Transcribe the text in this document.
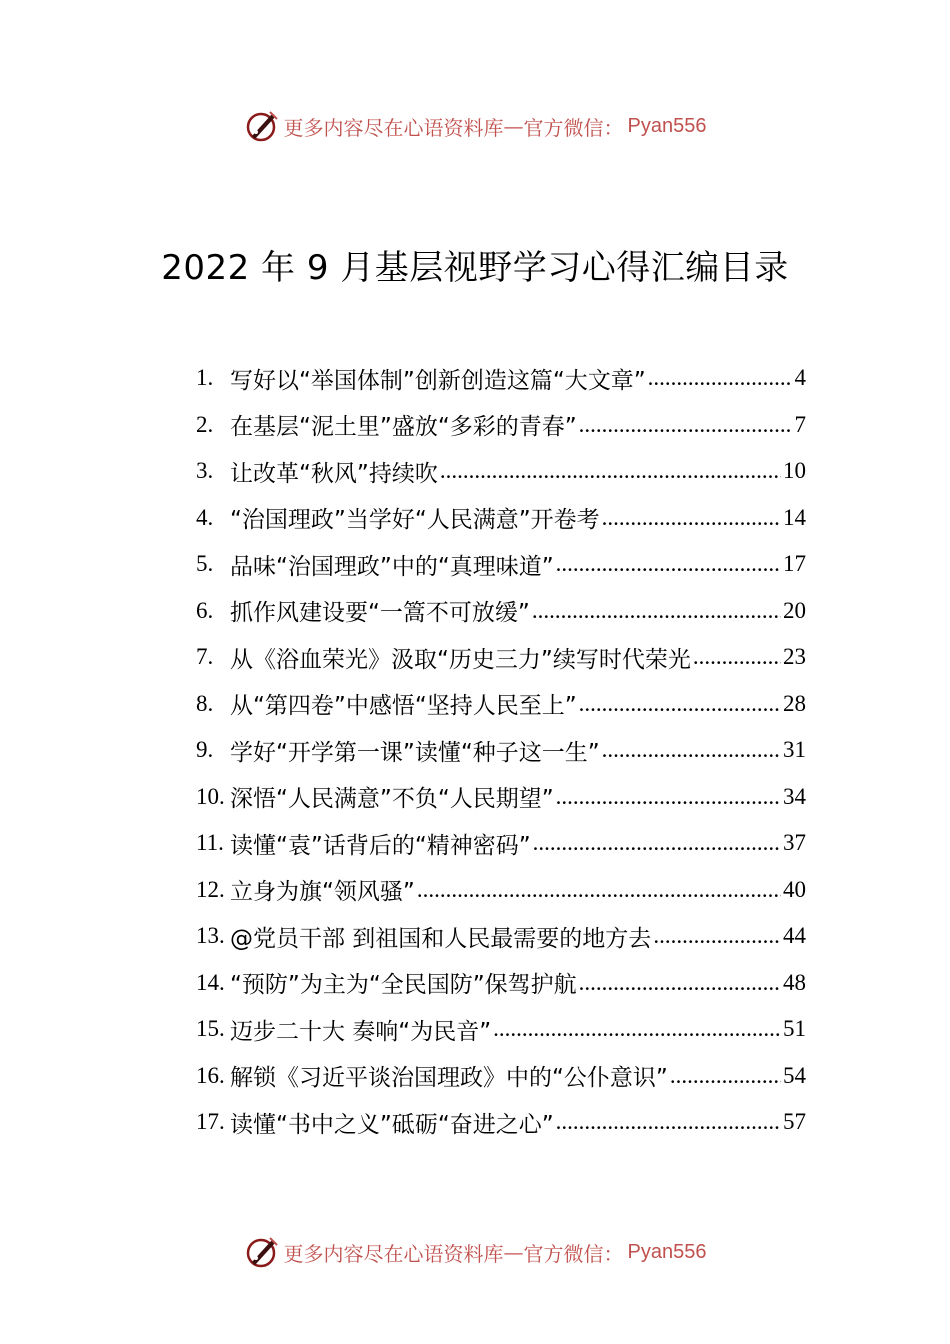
更多内容尽在心语资料库 — 官方微信： Pyan556
2022 年 9 月基层视野学习心得汇编目录
1. 写好以“举国体制”创新创造这篇“大文章” .....	4
2. 在基层“泥土里”盛放“多彩的青春” .....	7
3. 让改革“秋风”持续吹 .....	10
4. “治国理政”当学好“人民满意”开卷考 .....	14
5. 品味“治国理政”中的“真理味道” .....	17
6. 抓作风建设要“一篙不可放缓” .....	20
7. 从《浴血荣光》汲取“历史三力”续写时代荣光 .....	23
8. 从“第四卷”中感悟“坚持人民至上” .....	28
9. 学好“开学第一课”读懂“种子这一生” .....	31
10. 深悟“人民满意”不负“人民期望” .....	34
11. 读懂“袁”话背后的“精神密码” .....	37
12. 立身为旗“领风骚” .....	40
13. @党员干部 到祖国和人民最需要的地方去 .....	44
14. “预防”为主为“全民国防”保驾护航 .....	48
15. 迈步二十大 奏响“为民音” .....	51
16. 解锁《习近平谈治国理政》中的“公仆意识” .....	54
17. 读懂“书中之义”砥砺“奋进之心” .....	57
更多内容尽在心语资料库 — 官方微信： Pyan556
